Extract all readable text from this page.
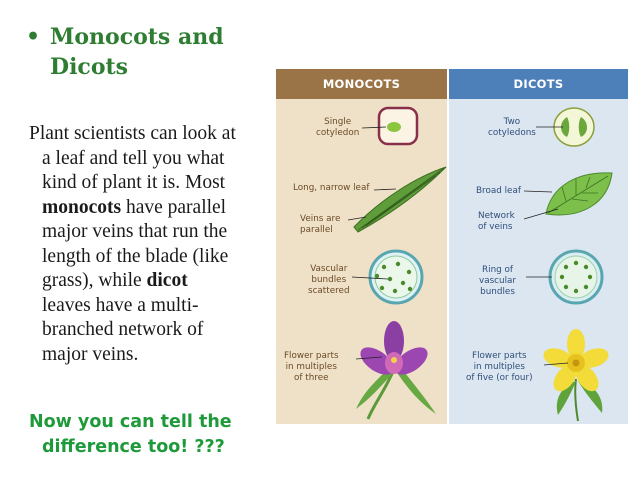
• Monocots and
Dicots
Plant scientists can look at
a leaf and tell you what
kind of plant it is. Most
monocots have parallel
major veins that run the
length of the blade (like
grass), while dicot
leaves have a multi-
branched network of
major veins.
Now you can tell the
difference too! ???
MONOCOTS	DICOTS
Single
cotyledon
Long, narrow leaf
Veins are
parallel
Vascular
bundles
scattered
Flower parts
in multiples
of three
Two
cotyledons
Broad leaf
Network
of veins
Ring of
vascular
bundles
Flower parts
in multiples
of five (or four)
